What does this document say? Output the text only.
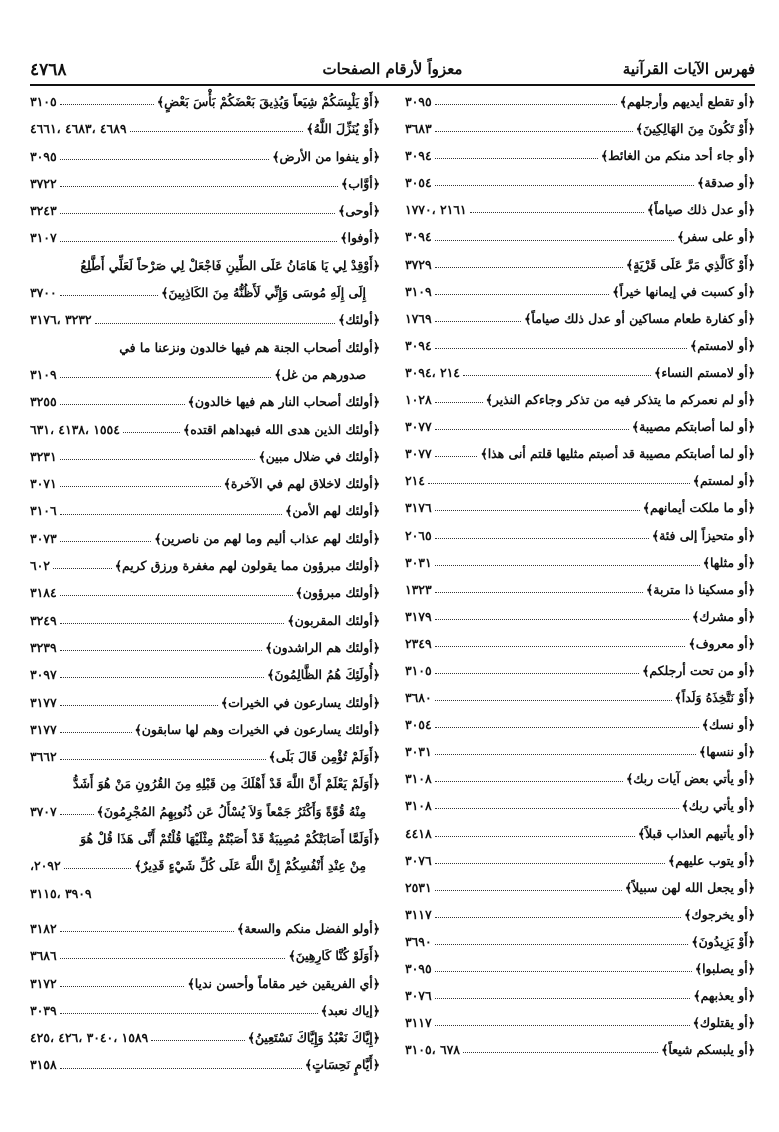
فهرس الآيات القرآنية
معزواً لأرقام الصفحات
٤٧٦٨
﴿أو تقطع أيديهم وأرجلهم﴾
٣٠٩٥
﴿أَوْ تَكُونَ مِنَ الهَالِكِينَ﴾
٣٦٨٣
﴿أو جاء أحد منكم من الغائط﴾
٣٠٩٤
﴿أو صدقة﴾
٣٠٥٤
﴿أو عدل ذلك صياماً﴾
٢١٦١ ،١٧٧٠
﴿أو على سفر﴾
٣٠٩٤
﴿أَوْ كَالَّذِي مَرَّ عَلَى قَرْيَةٍ﴾
٣٧٢٩
﴿أو كسبت في إيمانها خيراً﴾
٣١٠٩
﴿أو كفارة طعام مساكين أو عدل ذلك صياماً﴾
١٧٦٩
﴿أو لامستم﴾
٣٠٩٤
﴿أو لامستم النساء﴾
٢١٤ ،٣٠٩٤
﴿أو لم نعمركم ما يتذكر فيه من تذكر وجاءكم النذير﴾
١٠٢٨
﴿أو لما أصابتكم مصيبة﴾
٣٠٧٧
﴿أو لما أصابتكم مصيبة قد أصبتم مثليها قلتم أنى هذا﴾
٣٠٧٧
﴿أو لمستم﴾
٢١٤
﴿أو ما ملكت أيمانهم﴾
٣١٧٦
﴿أو متحيزاً إلى فئة﴾
٢٠٦٥
﴿أو مثلها﴾
٣٠٣١
﴿أو مسكينا ذا متربة﴾
١٣٢٣
﴿أو مشرك﴾
٣١٧٩
﴿أو معروف﴾
٢٣٤٩
﴿أو من تحت أرجلكم﴾
٣١٠٥
﴿أَوْ نَتَّخِذَهُ وَلَداً﴾
٣٦٨٠
﴿أو نسك﴾
٣٠٥٤
﴿أو ننسها﴾
٣٠٣١
﴿أو يأتي بعض آيات ربك﴾
٣١٠٨
﴿أو يأتي ربك﴾
٣١٠٨
﴿أو يأتيهم العذاب قبلاً﴾
٤٤١٨
﴿أو يتوب عليهم﴾
٣٠٧٦
﴿أو يجعل الله لهن سبيلاً﴾
٢٥٣١
﴿أو يخرجوك﴾
٣١١٧
﴿أَوْ يَزِيدُونَ﴾
٣٦٩٠
﴿أو يصلبوا﴾
٣٠٩٥
﴿أو يعذبهم﴾
٣٠٧٦
﴿أو يقتلوك﴾
٣١١٧
﴿أو يلبسكم شيعاً﴾
٦٧٨ ،٣١٠٥
﴿أَوْ يَلْبِسَكُمْ شِيَعاً وَيُذِيقَ بَعْضَكُمْ بَأْسَ بَعْضٍ﴾
٣١٠٥
﴿أَوْ يُنَزِّلَ اللَّهُ﴾
٤٦٨٩ ،٤٦٨٣ ،٤٦٦١
﴿أو ينفوا من الأرض﴾
٣٠٩٥
﴿أوَّاب﴾
٣٧٢٢
﴿أوحى﴾
٣٢٤٣
﴿أوفوا﴾
٣١٠٧
﴿أَوْقِدْ لِي يَا هَامَانُ عَلَى الطِّينِ فَاجْعَلْ لِي صَرْحاً لَعَلِّي أَطَّلِعُ
إِلَى إِلَهِ مُوسَى وَإِنِّي لَأَظُنُّهُ مِنَ الكَاذِبِينَ﴾
٣٧٠٠
﴿أولئك﴾
٣٢٣٢ ،٣١٧٦
﴿أولئك أصحاب الجنة هم فيها خالدون ونزعنا ما في
صدورهم من غل﴾
٣١٠٩
﴿أولئك أصحاب النار هم فيها خالدون﴾
٣٢٥٥
﴿أولئك الذين هدى الله فبهداهم اقتده﴾
١٥٥٤ ،٤١٣٨ ،٦٣١
﴿أولئك في ضلال مبين﴾
٣٢٣١
﴿أولئك لاخلاق لهم في الآخرة﴾
٣٠٧١
﴿أولئك لهم الأمن﴾
٣١٠٦
﴿أولئك لهم عذاب أليم وما لهم من ناصرين﴾
٣٠٧٣
﴿أولئك مبرؤون مما يقولون لهم مغفرة ورزق كريم﴾
٦٠٢
﴿أولئك مبرؤون﴾
٣١٨٤
﴿أولئك المقربون﴾
٣٢٤٩
﴿أولئك هم الراشدون﴾
٣٢٣٩
﴿أُولَئِكَ هُمُ الظَّالِمُونَ﴾
٣٠٩٧
﴿أولئك يسارعون في الخيرات﴾
٣١٧٧
﴿أولئك يسارعون في الخيرات وهم لها سابقون﴾
٣١٧٧
﴿أَوَلَمْ تُؤْمِن قَالَ بَلَى﴾
٣٦٦٢
﴿أَوَلَمْ يَعْلَمْ أَنَّ اللَّهَ قَدْ أَهْلَكَ مِن قَبْلِهِ مِنَ القُرُونِ مَنْ هُوَ أَشَدُّ
مِنْهُ قُوَّةً وَأَكْثَرُ جَمْعاً وَلاَ يُسْأَلُ عَن ذُنُوبِهِمُ المُجْرِمُونَ﴾
٣٧٠٧
﴿أَوَلَمَّا أَصَابَتْكُمْ مُصِيبَةٌ قَدْ أَصَبْتُمْ مِثْلَيْهَا قُلْتُمْ أَنَّى هَذَا قُلْ هُوَ
مِنْ عِنْدِ أَنْفُسِكُمْ إِنَّ اللَّهَ عَلَى كُلِّ شَيْءٍ قَدِيرٌ﴾
٢٠٩٢،
٣٩٠٩ ،٣١١٥
﴿أولو الفضل منكم والسعة﴾
٣١٨٢
﴿أَوَلَوْ كُنَّا كَارِهِينَ﴾
٣٦٨٦
﴿أي الفريقين خير مقاماً وأحسن نديا﴾
٣١٧٢
﴿إياك نعبد﴾
٣٠٣٩
﴿إِيَّاكَ نَعْبُدُ وَإِيَّاكَ نَسْتَعِينُ﴾
١٥٨٩ ،٣٠٤٠ ،٤٢٦ ،٤٢٥
﴿أَيَّامٍ نَحِسَاتٍ﴾
٣١٥٨
